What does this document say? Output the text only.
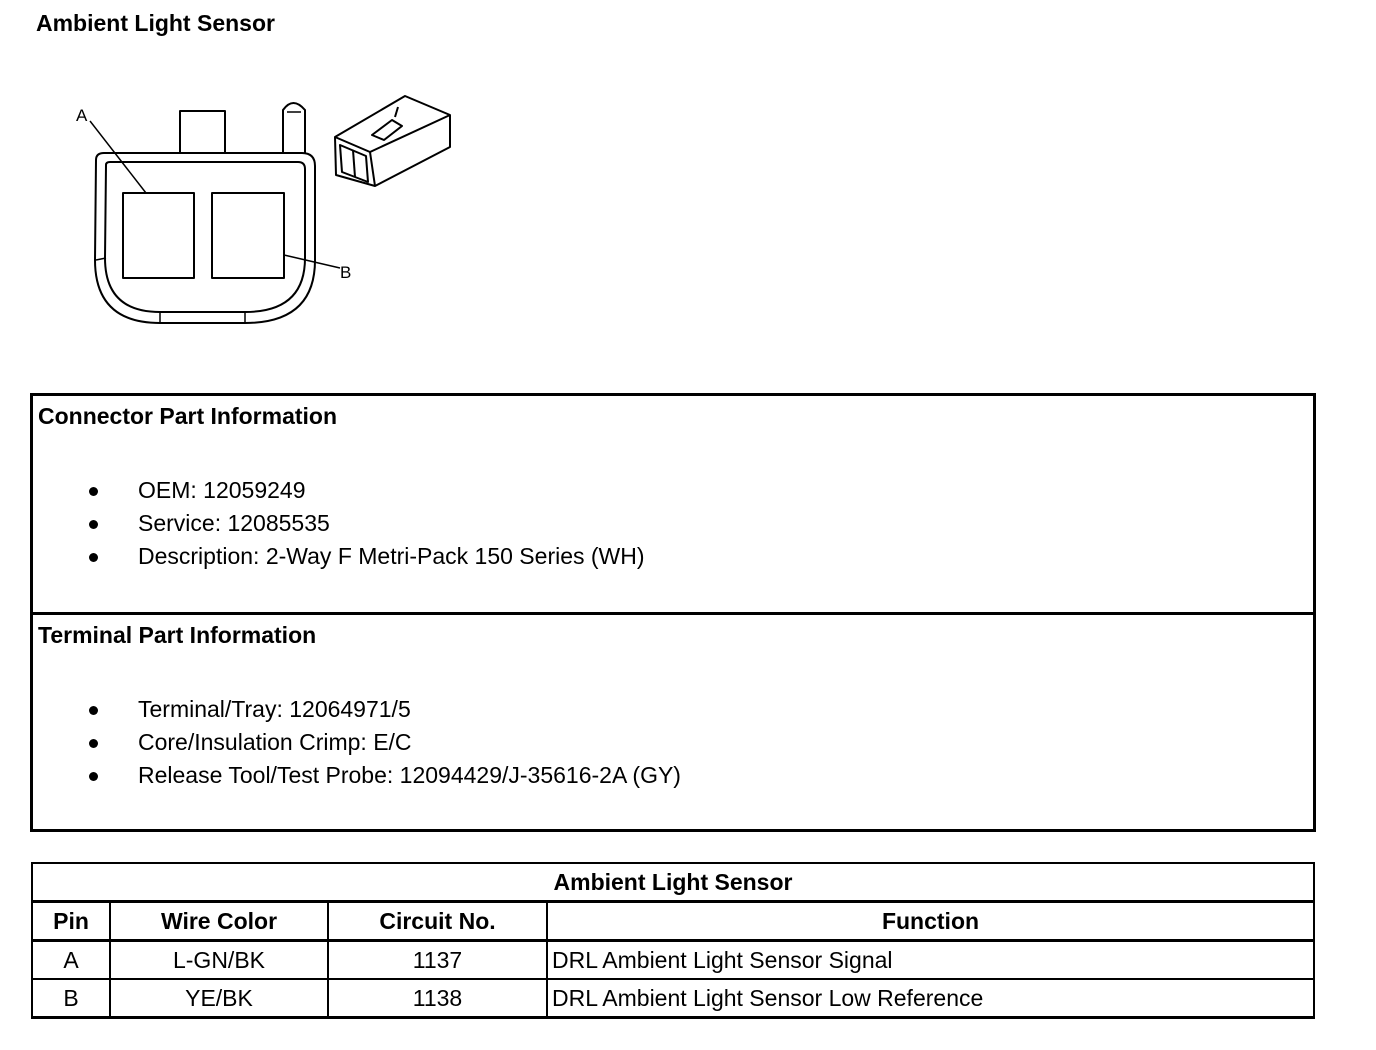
Ambient Light Sensor
A
B
Connector Part Information
OEM: 12059249
Service: 12085535
Description: 2-Way F Metri-Pack 150 Series (WH)
Terminal Part Information
Terminal/Tray: 12064971/5
Core/Insulation Crimp: E/C
Release Tool/Test Probe: 12094429/J-35616-2A (GY)
Ambient Light Sensor			
Pin	Wire Color	Circuit No.	Function
A	L-GN/BK	1137	DRL Ambient Light Sensor Signal
B	YE/BK	1138	DRL Ambient Light Sensor Low Reference
